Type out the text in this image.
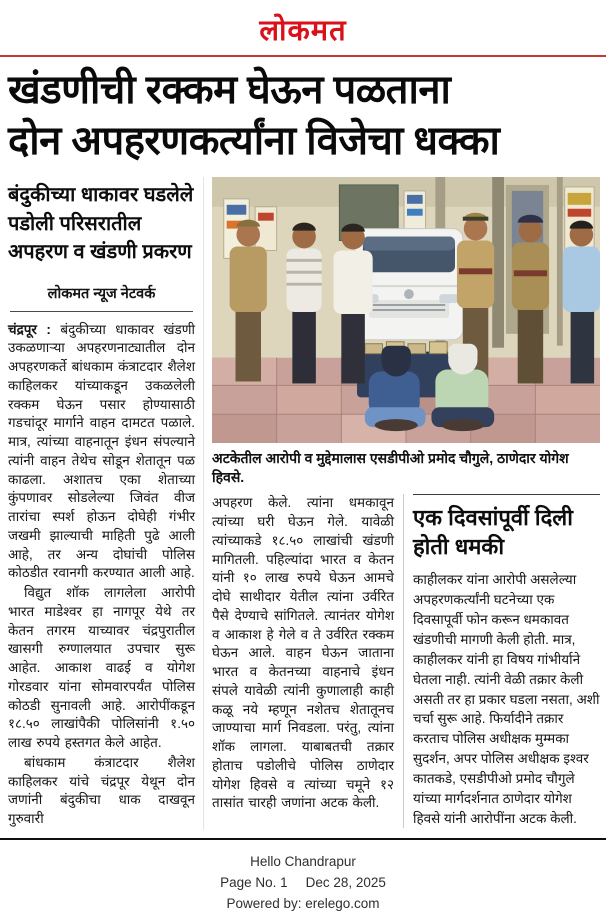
लोकमत
खंडणीची रक्कम घेऊन पळताना
दोन अपहरणकर्त्यांना विजेचा धक्का
बंदुकीच्या धाकावर घडलेले पडोली परिसरातील अपहरण व खंडणी प्रकरण
लोकमत न्यूज नेटवर्क

चंद्रपूर : बंदुकीच्या धाकावर खंडणी उकळणाऱ्या अपहरणनाट्यातील दोन अपहरणकर्ते बांधकाम कंत्राटदार शैलेश काहिलकर यांच्याकडून उकळलेली रक्कम घेऊन पसार होण्यासाठी गडचांदूर मार्गाने वाहन दामटत पळाले. मात्र, त्यांच्या वाहनातून इंधन संपल्याने त्यांनी वाहन तेथेच सोडून शेतातून पळ काढला. अशातच एका शेताच्या कुंपणावर सोडलेल्या जिवंत वीज तारांचा स्पर्श होऊन दोघेही गंभीर जखमी झाल्याची माहिती पुढे आली आहे, तर अन्य दोघांची पोलिस कोठडीत रवानगी करण्यात आली आहे.

विद्युत शॉक लागलेला आरोपी भारत माडेश्वर हा नागपूर येथे तर केतन तगरम याच्यावर चंद्रपुरातील खासगी रुग्णालयात उपचार सुरू आहेत. आकाश वाढई व योगेश गोरडवार यांना सोमवारपर्यंत पोलिस कोठडी सुनावली आहे. आरोपींकडून १८.५० लाखांपैकी पोलिसांनी १.५० लाख रुपये हस्तगत केले आहेत.

बांधकाम कंत्राटदार शैलेश काहिलकर यांचे चंद्रपूर येथून दोन जणांनी बंदुकीचा धाक दाखवून गुरुवारी

अटकेतील आरोपी व मुद्देमालास एसडीपीओ प्रमोद चौगुले, ठाणेदार योगेश हिवसे.

अपहरण केले. त्यांना धमकावून त्यांच्या घरी घेऊन गेले. यावेळी त्यांच्याकडे १८.५० लाखांची खंडणी मागितली. पहिल्यांदा भारत व केतन यांनी १० लाख रुपये घेऊन आमचे दोघे साथीदार येतील त्यांना उर्वरित पैसे देण्याचे सांगितले. त्यानंतर योगेश व आकाश हे गेले व ते उर्वरित रक्कम घेऊन आले. वाहन घेऊन जाताना भारत व केतनच्या वाहनाचे इंधन संपले यावेळी त्यांनी कुणालाही काही कळू नये म्हणून नशेतच शेतातूनच जाण्याचा मार्ग निवडला. परंतु, त्यांना शॉक लागला. याबाबतची तक्रार होताच पडोलीचे पोलिस ठाणेदार योगेश हिवसे व त्यांच्या चमूने १२ तासांत चारही जणांना अटक केली.

एक दिवसांपूर्वी दिली होती धमकी
काहीलकर यांना आरोपी असलेल्या अपहरणकर्त्यांनी घटनेच्या एक दिवसापूर्वी फोन करून धमकावत खंडणीची मागणी केली होती. मात्र, काहीलकर यांनी हा विषय गांभीर्याने घेतला नाही. त्यांनी वेळी तक्रार केली असती तर हा प्रकार घडला नसता, अशी चर्चा सुरू आहे. फिर्यादीने तक्रार करताच पोलिस अधीक्षक मुम्मका सुदर्शन, अपर पोलिस अधीक्षक इश्वर कातकडे, एसडीपीओ प्रमोद चौगुले यांच्या मार्गदर्शनात ठाणेदार योगेश हिवसे यांनी आरोपींना अटक केली.
Hello Chandrapur
Page No. 1 Dec 28, 2025
Powered by: erelego.com
